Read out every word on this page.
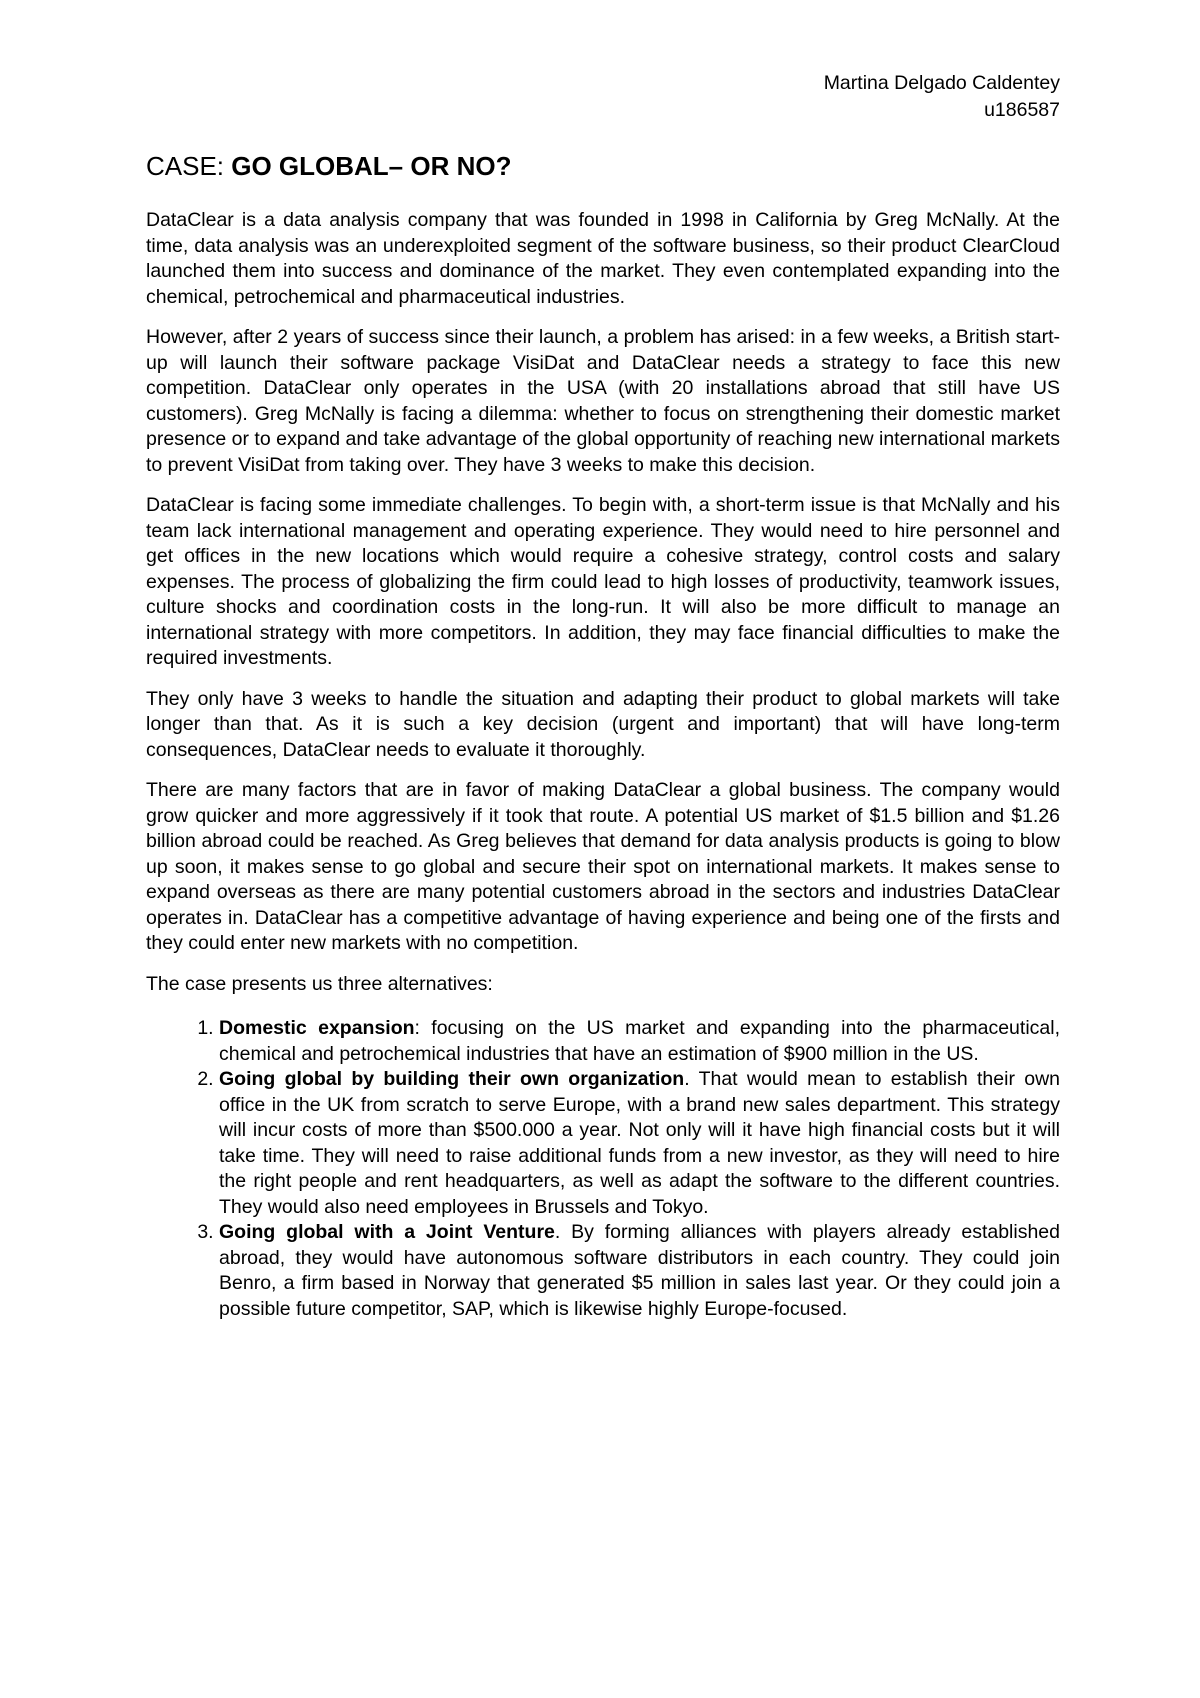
Martina Delgado Caldentey
u186587
CASE: GO GLOBAL– OR NO?

DataClear is a data analysis company that was founded in 1998 in California by Greg McNally. At the time, data analysis was an underexploited segment of the software business, so their product ClearCloud launched them into success and dominance of the market. They even contemplated expanding into the chemical, petrochemical and pharmaceutical industries.

However, after 2 years of success since their launch, a problem has arised: in a few weeks, a British start-up will launch their software package VisiDat and DataClear needs a strategy to face this new competition. DataClear only operates in the USA (with 20 installations abroad that still have US customers). Greg McNally is facing a dilemma: whether to focus on strengthening their domestic market presence or to expand and take advantage of the global opportunity of reaching new international markets to prevent VisiDat from taking over. They have 3 weeks to make this decision.

DataClear is facing some immediate challenges. To begin with, a short-term issue is that McNally and his team lack international management and operating experience. They would need to hire personnel and get offices in the new locations which would require a cohesive strategy, control costs and salary expenses. The process of globalizing the firm could lead to high losses of productivity, teamwork issues, culture shocks and coordination costs in the long-run. It will also be more difficult to manage an international strategy with more competitors. In addition, they may face financial difficulties to make the required investments.

They only have 3 weeks to handle the situation and adapting their product to global markets will take longer than that. As it is such a key decision (urgent and important) that will have long-term consequences, DataClear needs to evaluate it thoroughly.

There are many factors that are in favor of making DataClear a global business. The company would grow quicker and more aggressively if it took that route. A potential US market of $1.5 billion and $1.26 billion abroad could be reached. As Greg believes that demand for data analysis products is going to blow up soon, it makes sense to go global and secure their spot on international markets. It makes sense to expand overseas as there are many potential customers abroad in the sectors and industries DataClear operates in. DataClear has a competitive advantage of having experience and being one of the firsts and they could enter new markets with no competition.

The case presents us three alternatives:

1. Domestic expansion: focusing on the US market and expanding into the pharmaceutical, chemical and petrochemical industries that have an estimation of $900 million in the US.
2. Going global by building their own organization. That would mean to establish their own office in the UK from scratch to serve Europe, with a brand new sales department. This strategy will incur costs of more than $500.000 a year. Not only will it have high financial costs but it will take time. They will need to raise additional funds from a new investor, as they will need to hire the right people and rent headquarters, as well as adapt the software to the different countries. They would also need employees in Brussels and Tokyo.
3. Going global with a Joint Venture. By forming alliances with players already established abroad, they would have autonomous software distributors in each country. They could join Benro, a firm based in Norway that generated $5 million in sales last year. Or they could join a possible future competitor, SAP, which is likewise highly Europe-focused.
